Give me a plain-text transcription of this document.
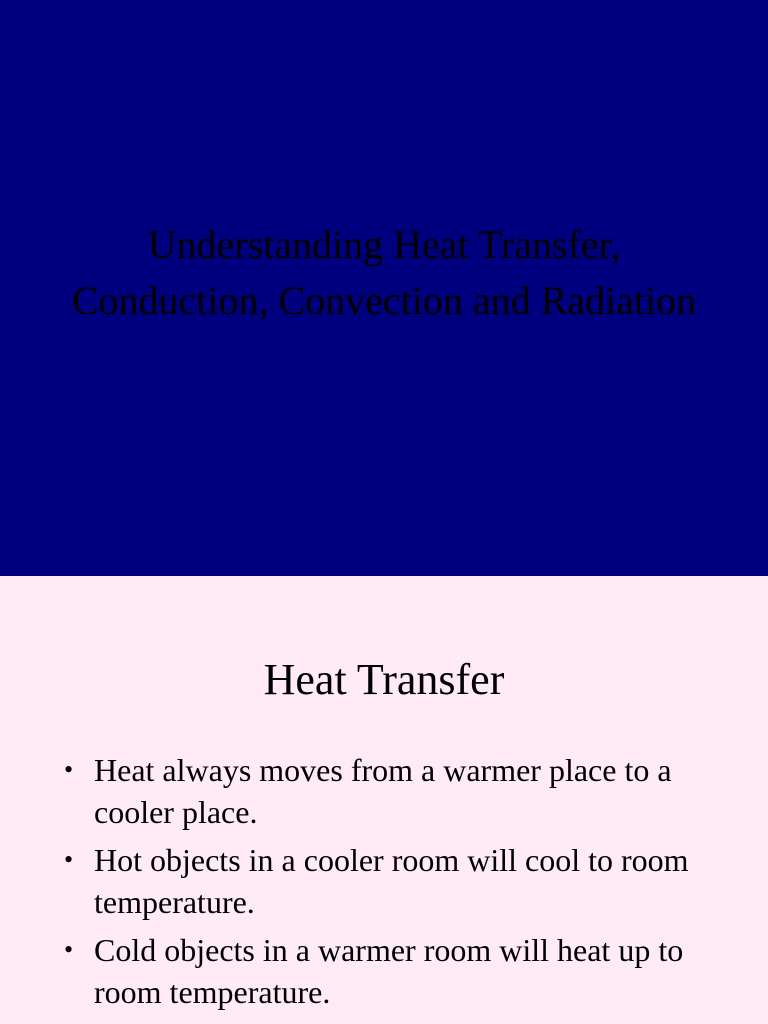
Understanding Heat Transfer, Conduction, Convection and Radiation
Heat Transfer
• Heat always moves from a warmer place to a cooler place.
• Hot objects in a cooler room will cool to room temperature.
• Cold objects in a warmer room will heat up to room temperature.
